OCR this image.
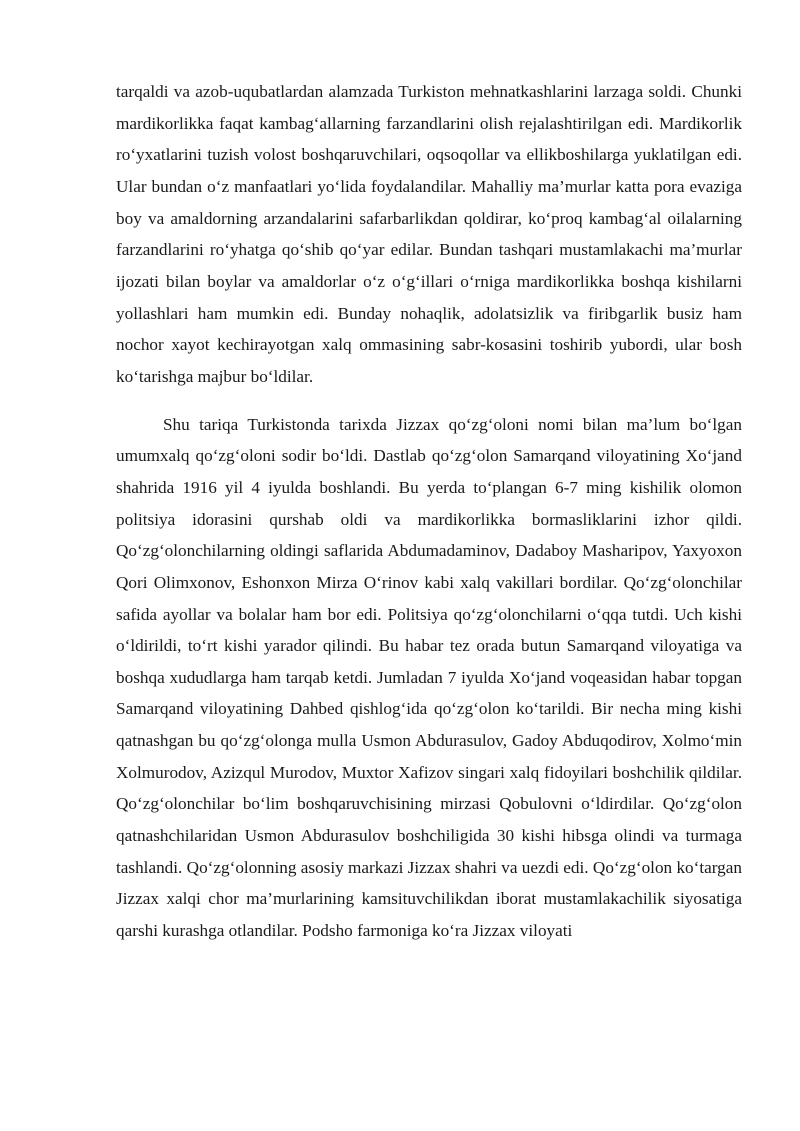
tarqaldi va azob-uqubatlardan alamzada Turkiston mehnatkashlarini larzaga soldi. Chunki mardikorlikka faqat kambag‘allarning farzandlarini olish rejalashtirilgan edi. Mardikorlik ro‘yxatlarini tuzish volost boshqaruvchilari, oqsoqollar va ellikboshilarga yuklatilgan edi. Ular bundan o‘z manfaatlari yo‘lida foydalandilar. Mahalliy ma’murlar katta pora evaziga boy va amaldorning arzandalarini safarbarlikdan qoldirar, ko‘proq kambag‘al oilalarning farzandlarini ro‘yhatga qo‘shib qo‘yar edilar. Bundan tashqari mustamlakachi ma’murlar ijozati bilan boylar va amaldorlar o‘z o‘g‘illari o‘rniga mardikorlikka boshqa kishilarni yollashlari ham mumkin edi. Bunday nohaqlik, adolatsizlik va firibgarlik busiz ham nochor xayot kechirayotgan xalq ommasining sabr-kosasini toshirib yubordi, ular bosh ko‘tarishga majbur bo‘ldilar.

Shu tariqa Turkistonda tarixda Jizzax qo‘zg‘oloni nomi bilan ma’lum bo‘lgan umumxalq qo‘zg‘oloni sodir bo‘ldi. Dastlab qo‘zg‘olon Samarqand viloyatining Xo‘jand shahrida 1916 yil 4 iyulda boshlandi. Bu yerda to‘plangan 6-7 ming kishilik olomon politsiya idorasini qurshab oldi va mardikorlikka bormasliklarini izhor qildi. Qo‘zg‘olonchilarning oldingi saflarida Abdumadaminov, Dadaboy Masharipov, Yaxyoxon Qori Olimxonov, Eshonxon Mirza O‘rinov kabi xalq vakillari bordilar. Qo‘zg‘olonchilar safida ayollar va bolalar ham bor edi. Politsiya qo‘zg‘olonchilarni o‘qqa tutdi. Uch kishi o‘ldirildi, to‘rt kishi yarador qilindi. Bu habar tez orada butun Samarqand viloyatiga va boshqa xududlarga ham tarqab ketdi. Jumladan 7 iyulda Xo‘jand voqeasidan habar topgan Samarqand viloyatining Dahbed qishlog‘ida qo‘zg‘olon ko‘tarildi. Bir necha ming kishi qatnashgan bu qo‘zg‘olonga mulla Usmon Abdurasulov, Gadoy Abduqodirov, Xolmo‘min Xolmurodov, Azizqul Murodov, Muxtor Xafizov singari xalq fidoyilari boshchilik qildilar. Qo‘zg‘olonchilar bo‘lim boshqaruvchisining mirzasi Qobulovni o‘ldirdilar. Qo‘zg‘olon qatnashchilaridan Usmon Abdurasulov boshchiligida 30 kishi hibsga olindi va turmaga tashlandi. Qo‘zg‘olonning asosiy markazi Jizzax shahri va uezdi edi. Qo‘zg‘olon ko‘targan Jizzax xalqi chor ma’murlarining kamsituvchilikdan iborat mustamlakachilik siyosatiga qarshi kurashga otlandilar. Podsho farmoniga ko‘ra Jizzax viloyati
